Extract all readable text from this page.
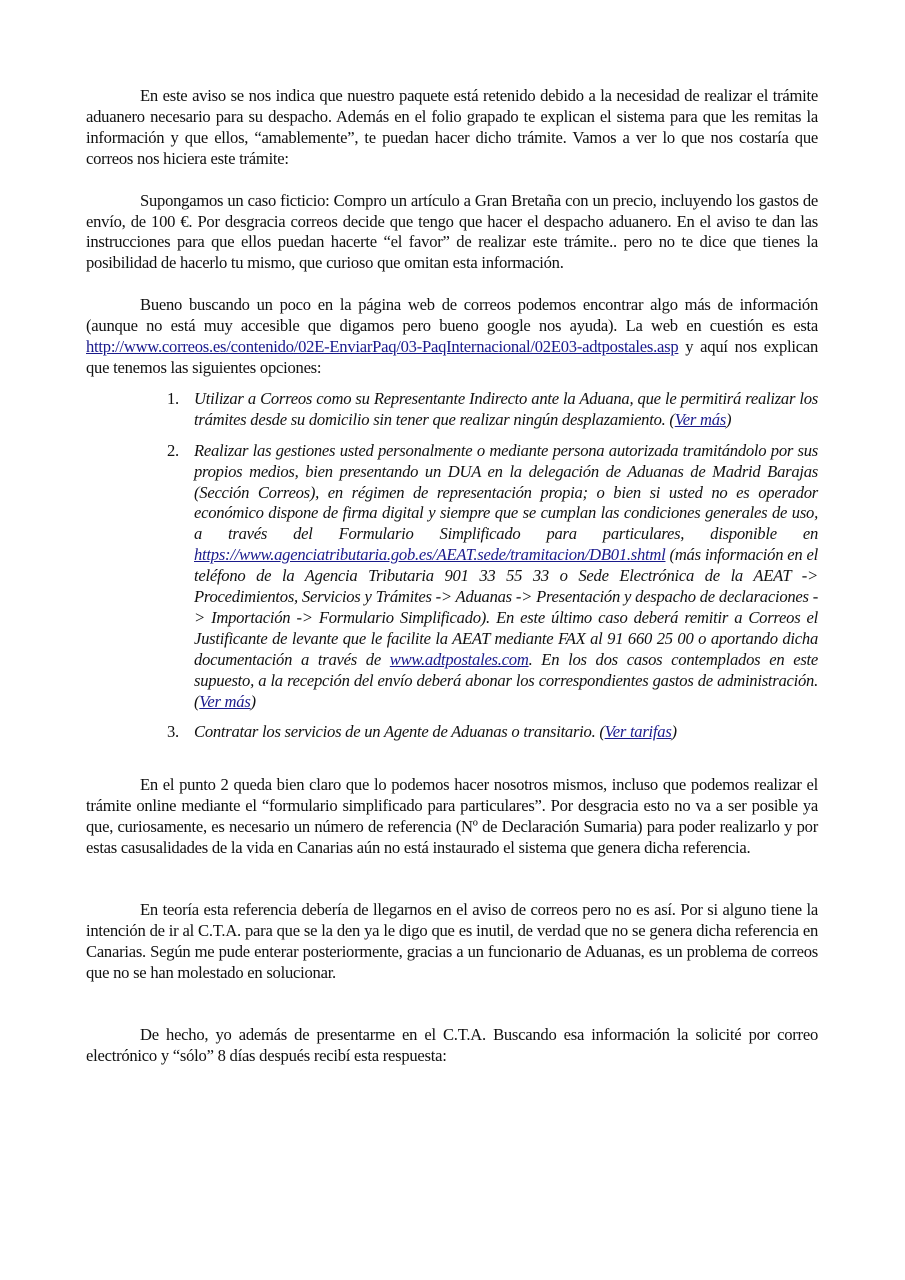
En este aviso se nos indica que nuestro paquete está retenido debido a la necesidad de realizar el trámite aduanero necesario para su despacho. Además en el folio grapado te explican el sistema para que les remitas la información y que ellos, “amablemente”, te puedan hacer dicho trámite. Vamos a ver lo que nos costaría que correos nos hiciera este trámite:

Supongamos un caso ficticio: Compro un artículo a Gran Bretaña con un precio, incluyendo los gastos de envío, de 100 €. Por desgracia correos decide que tengo que hacer el despacho aduanero. En el aviso te dan las instrucciones para que ellos puedan hacerte “el favor” de realizar este trámite.. pero no te dice que tienes la posibilidad de hacerlo tu mismo, que curioso que omitan esta información.

Bueno buscando un poco en la página web de correos podemos encontrar algo más de información (aunque no está muy accesible que digamos pero bueno google nos ayuda). La web en cuestión es esta http://www.correos.es/contenido/02E-EnviarPaq/03-PaqInternacional/02E03-adtpostales.asp y aquí nos explican que tenemos las siguientes opciones:

1. Utilizar a Correos como su Representante Indirecto ante la Aduana, que le permitirá realizar los trámites desde su domicilio sin tener que realizar ningún desplazamiento. (Ver más)
2. Realizar las gestiones usted personalmente o mediante persona autorizada tramitándolo por sus propios medios, bien presentando un DUA en la delegación de Aduanas de Madrid Barajas (Sección Correos), en régimen de representación propia; o bien si usted no es operador económico dispone de firma digital y siempre que se cumplan las condiciones generales de uso, a través del Formulario Simplificado para particulares, disponible en https://www.agenciatributaria.gob.es/AEAT.sede/tramitacion/DB01.shtml (más información en el teléfono de la Agencia Tributaria 901 33 55 33 o Sede Electrónica de la AEAT -> Procedimientos, Servicios y Trámites -> Aduanas -> Presentación y despacho de declaraciones -> Importación -> Formulario Simplificado). En este último caso deberá remitir a Correos el Justificante de levante que le facilite la AEAT mediante FAX al 91 660 25 00 o aportando dicha documentación a través de www.adtpostales.com. En los dos casos contemplados en este supuesto, a la recepción del envío deberá abonar los correspondientes gastos de administración. (Ver más)
3. Contratar los servicios de un Agente de Aduanas o transitario. (Ver tarifas)

En el punto 2 queda bien claro que lo podemos hacer nosotros mismos, incluso que podemos realizar el trámite online mediante el “formulario simplificado para particulares”. Por desgracia esto no va a ser posible ya que, curiosamente, es necesario un número de referencia (Nº de Declaración Sumaria) para poder realizarlo y por estas casusalidades de la vida en Canarias aún no está instaurado el sistema que genera dicha referencia.

En teoría esta referencia debería de llegarnos en el aviso de correos pero no es así. Por si alguno tiene la intención de ir al C.T.A. para que se la den ya le digo que es inutil, de verdad que no se genera dicha referencia en Canarias. Según me pude enterar posteriormente, gracias a un funcionario de Aduanas, es un problema de correos que no se han molestado en solucionar.

De hecho, yo además de presentarme en el C.T.A. Buscando esa información la solicité por correo electrónico y “sólo” 8 días después recibí esta respuesta:
